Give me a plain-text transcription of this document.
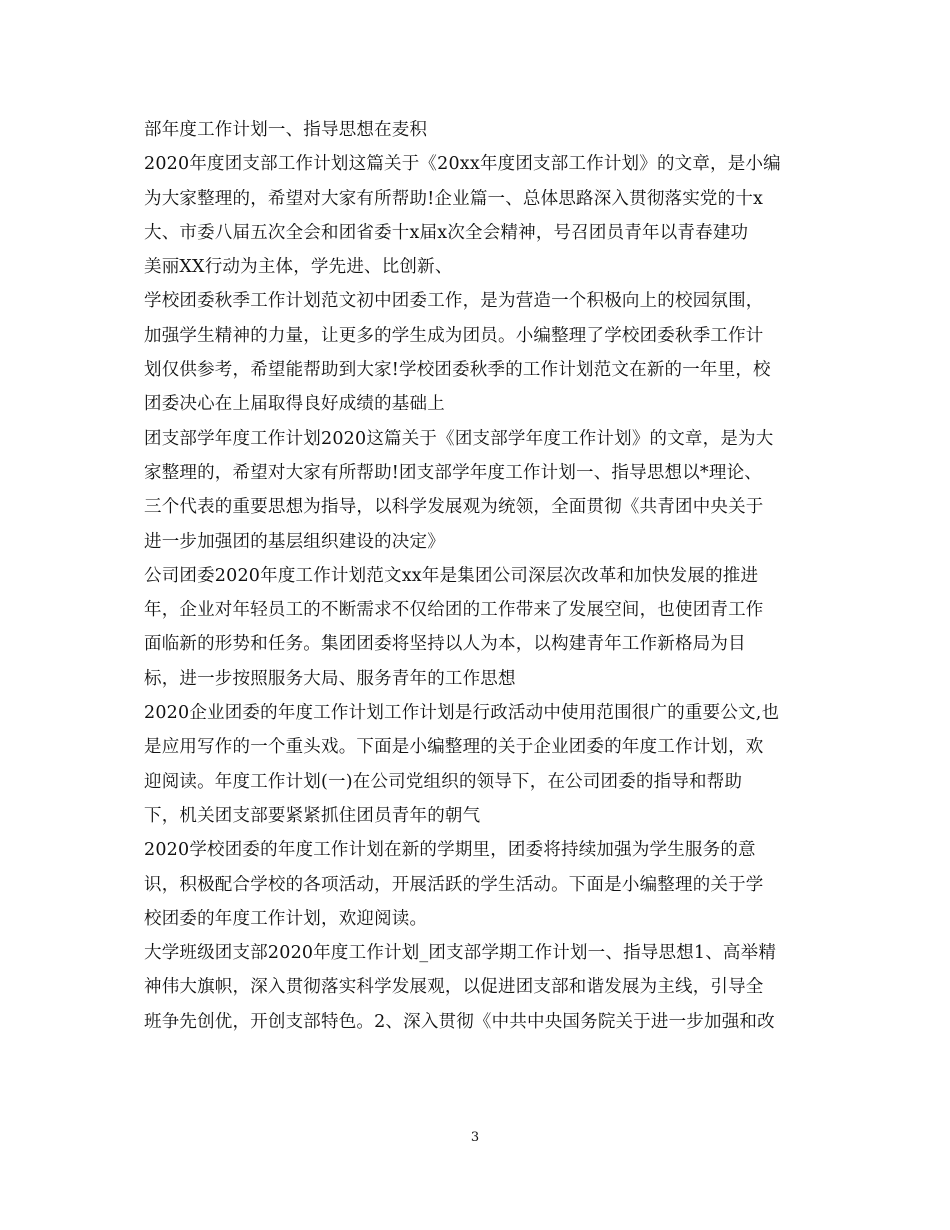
部年度工作计划一、指导思想在麦积
2020年度团支部工作计划这篇关于《20xx年度团支部工作计划》的文章，是小编
为大家整理的，希望对大家有所帮助!企业篇一、总体思路深入贯彻落实党的十x
大、市委八届五次全会和团省委十x届x次全会精神，号召团员青年以青春建功
美丽XX行动为主体，学先进、比创新、
学校团委秋季工作计划范文初中团委工作，是为营造一个积极向上的校园氛围，
加强学生精神的力量，让更多的学生成为团员。小编整理了学校团委秋季工作计
划仅供参考，希望能帮助到大家!学校团委秋季的工作计划范文在新的一年里，校
团委决心在上届取得良好成绩的基础上
团支部学年度工作计划2020这篇关于《团支部学年度工作计划》的文章，是为大
家整理的，希望对大家有所帮助!团支部学年度工作计划一、指导思想以*理论、
三个代表的重要思想为指导，以科学发展观为统领，全面贯彻《共青团中央关于
进一步加强团的基层组织建设的决定》
公司团委2020年度工作计划范文xx年是集团公司深层次改革和加快发展的推进
年，企业对年轻员工的不断需求不仅给团的工作带来了发展空间，也使团青工作
面临新的形势和任务。集团团委将坚持以人为本，以构建青年工作新格局为目
标，进一步按照服务大局、服务青年的工作思想
2020企业团委的年度工作计划工作计划是行政活动中使用范围很广的重要公文,也
是应用写作的一个重头戏。下面是小编整理的关于企业团委的年度工作计划，欢
迎阅读。年度工作计划(一)在公司党组织的领导下，在公司团委的指导和帮助
下，机关团支部要紧紧抓住团员青年的朝气
2020学校团委的年度工作计划在新的学期里，团委将持续加强为学生服务的意
识，积极配合学校的各项活动，开展活跃的学生活动。下面是小编整理的关于学
校团委的年度工作计划，欢迎阅读。
大学班级团支部2020年度工作计划_团支部学期工作计划一、指导思想1、高举精
神伟大旗帜，深入贯彻落实科学发展观，以促进团支部和谐发展为主线，引导全
班争先创优，开创支部特色。2、深入贯彻《中共中央国务院关于进一步加强和改
3
